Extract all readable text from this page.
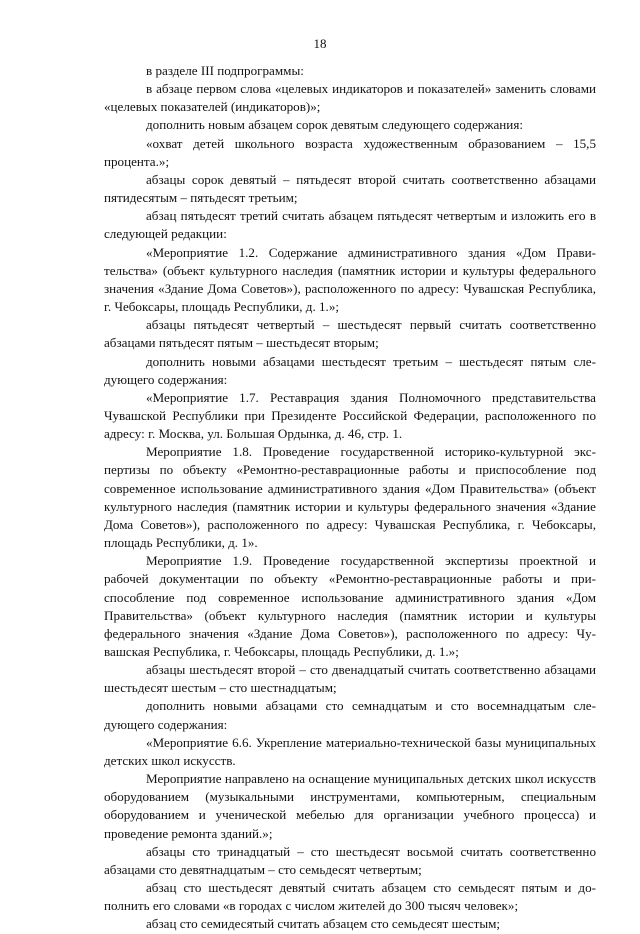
18

в разделе III подпрограммы:

в абзаце первом слова «целевых индикаторов и показателей» заменить словами «целевых показателей (индикаторов)»;

дополнить новым абзацем сорок девятым следующего содержания:

«охват детей школьного возраста художественным образованием – 15,5 процента.»;

абзацы сорок девятый – пятьдесят второй считать соответственно абзацами пятидесятым – пятьдесят третьим;

абзац пятьдесят третий считать абзацем пятьдесят четвертым и изложить его в следующей редакции:

«Мероприятие 1.2. Содержание административного здания «Дом Правительства» (объект культурного наследия (памятник истории и культуры федерального значения «Здание Дома Советов»), расположенного по адресу: Чувашская Республика, г. Чебоксары, площадь Республики, д. 1.»;

абзацы пятьдесят четвертый – шестьдесят первый считать соответственно абзацами пятьдесят пятым – шестьдесят вторым;

дополнить новыми абзацами шестьдесят третьим – шестьдесят пятым следующего содержания:

«Мероприятие 1.7. Реставрация здания Полномочного представительства Чувашской Республики при Президенте Российской Федерации, расположенного по адресу: г. Москва, ул. Большая Ордынка, д. 46, стр. 1.

Мероприятие 1.8. Проведение государственной историко-культурной экспертизы по объекту «Ремонтно-реставрационные работы и приспособление под современное использование административного здания «Дом Правительства» (объект культурного наследия (памятник истории и культуры федерального значения «Здание Дома Советов»), расположенного по адресу: Чувашская Республика, г. Чебоксары, площадь Республики, д. 1».

Мероприятие 1.9. Проведение государственной экспертизы проектной и рабочей документации по объекту «Ремонтно-реставрационные работы и приспособление под современное использование административного здания «Дом Правительства» (объект культурного наследия (памятник истории и культуры федерального значения «Здание Дома Советов»), расположенного по адресу: Чувашская Республика, г. Чебоксары, площадь Республики, д. 1.»;

абзацы шестьдесят второй – сто двенадцатый считать соответственно абзацами шестьдесят шестым – сто шестнадцатым;

дополнить новыми абзацами сто семнадцатым и сто восемнадцатым следующего содержания:

«Мероприятие 6.6. Укрепление материально-технической базы муниципальных детских школ искусств.

Мероприятие направлено на оснащение муниципальных детских школ искусств оборудованием (музыкальными инструментами, компьютерным, специальным оборудованием и ученической мебелью для организации учебного процесса) и проведение ремонта зданий.»;

абзацы сто тринадцатый – сто шестьдесят восьмой считать соответственно абзацами сто девятнадцатым – сто семьдесят четвертым;

абзац сто шестьдесят девятый считать абзацем сто семьдесят пятым и дополнить его словами «в городах с числом жителей до 300 тысяч человек»;

абзац сто семидесятый считать абзацем сто семьдесят шестым;
